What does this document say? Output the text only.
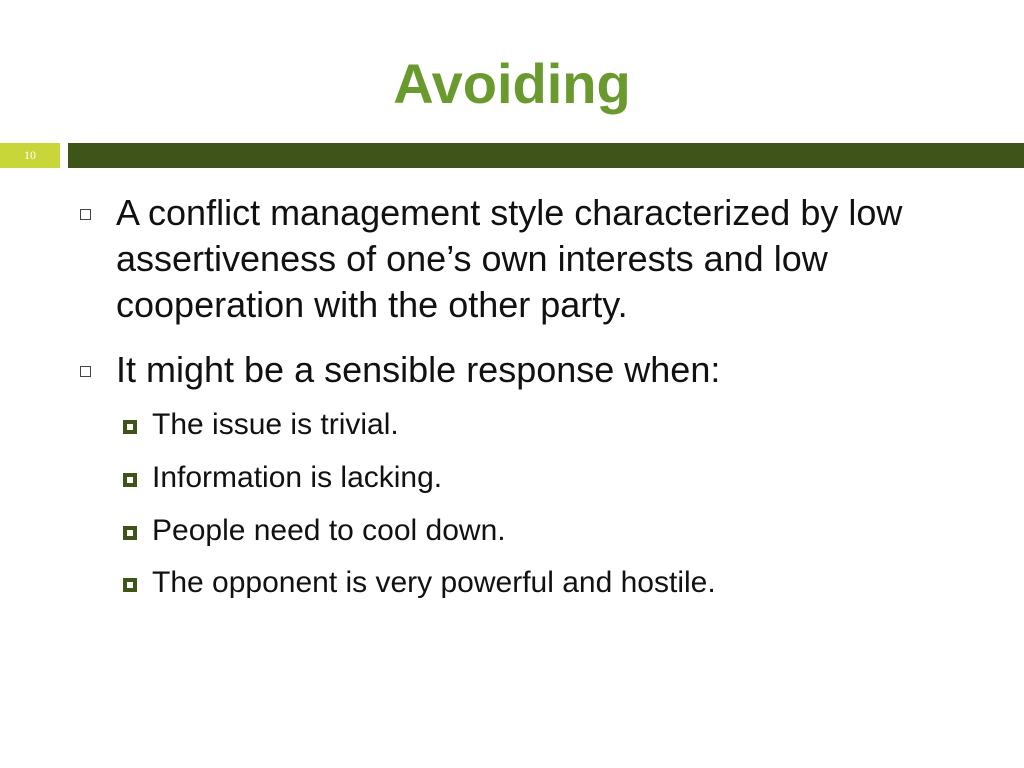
Avoiding
10
A conflict management style characterized by low assertiveness of one’s own interests and low cooperation with the other party.
It might be a sensible response when:
The issue is trivial.
Information is lacking.
People need to cool down.
The opponent is very powerful and hostile.
